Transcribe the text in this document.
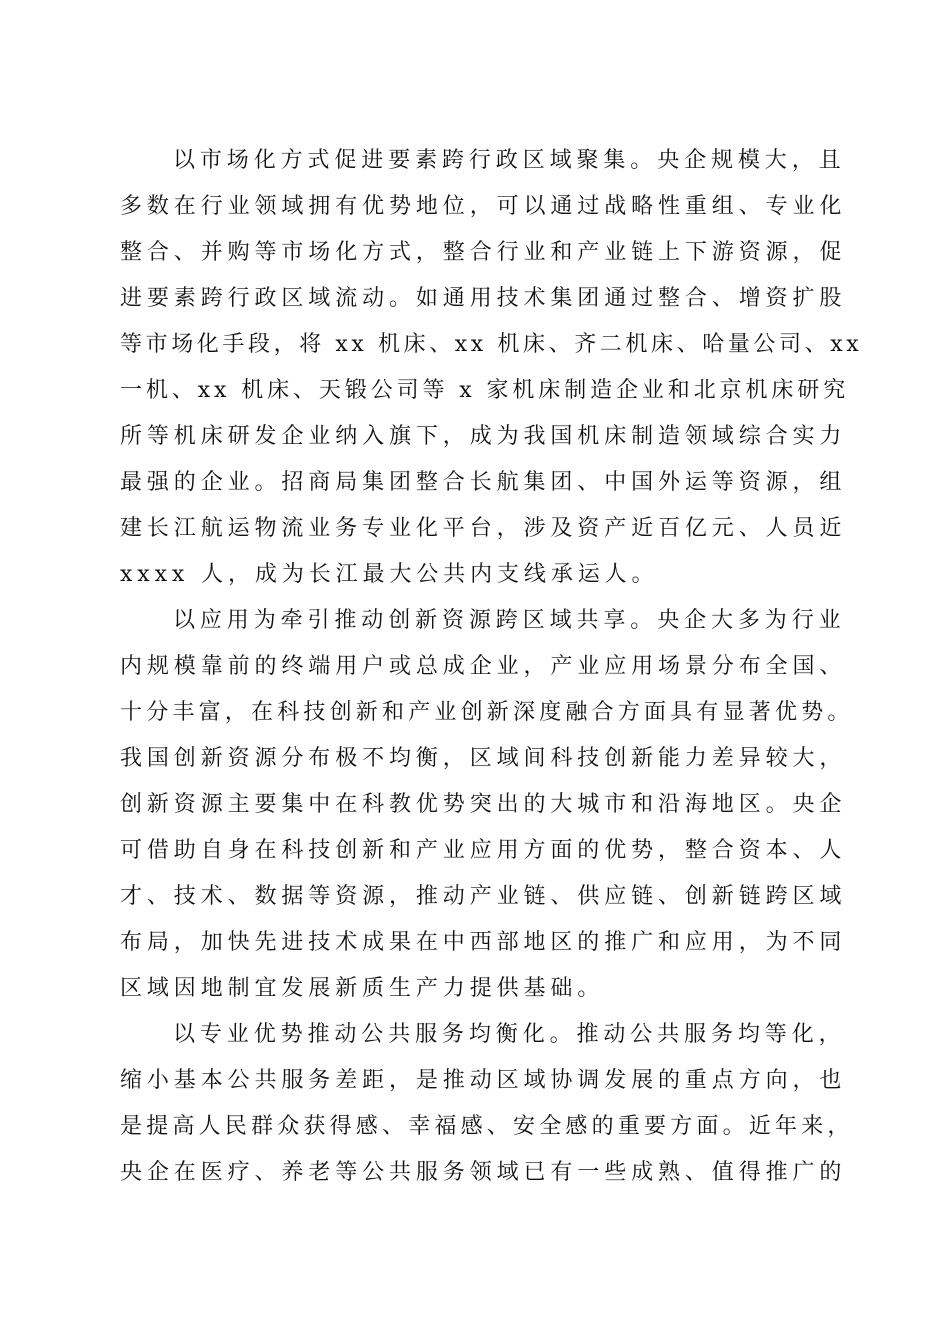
以市场化方式促进要素跨行政区域聚集。央企规模大，且
多数在行业领域拥有优势地位，可以通过战略性重组、专业化
整合、并购等市场化方式，整合行业和产业链上下游资源，促
进要素跨行政区域流动。如通用技术集团通过整合、增资扩股
等市场化手段，将 xx 机床、xx 机床、齐二机床、哈量公司、xx
一机、xx 机床、天锻公司等 x 家机床制造企业和北京机床研究
所等机床研发企业纳入旗下，成为我国机床制造领域综合实力
最强的企业。招商局集团整合长航集团、中国外运等资源，组
建长江航运物流业务专业化平台，涉及资产近百亿元、人员近
xxxx 人，成为长江最大公共内支线承运人。
以应用为牵引推动创新资源跨区域共享。央企大多为行业
内规模靠前的终端用户或总成企业，产业应用场景分布全国、
十分丰富，在科技创新和产业创新深度融合方面具有显著优势。
我国创新资源分布极不均衡，区域间科技创新能力差异较大，
创新资源主要集中在科教优势突出的大城市和沿海地区。央企
可借助自身在科技创新和产业应用方面的优势，整合资本、人
才、技术、数据等资源，推动产业链、供应链、创新链跨区域
布局，加快先进技术成果在中西部地区的推广和应用，为不同
区域因地制宜发展新质生产力提供基础。
以专业优势推动公共服务均衡化。推动公共服务均等化，
缩小基本公共服务差距，是推动区域协调发展的重点方向，也
是提高人民群众获得感、幸福感、安全感的重要方面。近年来，
央企在医疗、养老等公共服务领域已有一些成熟、值得推广的
